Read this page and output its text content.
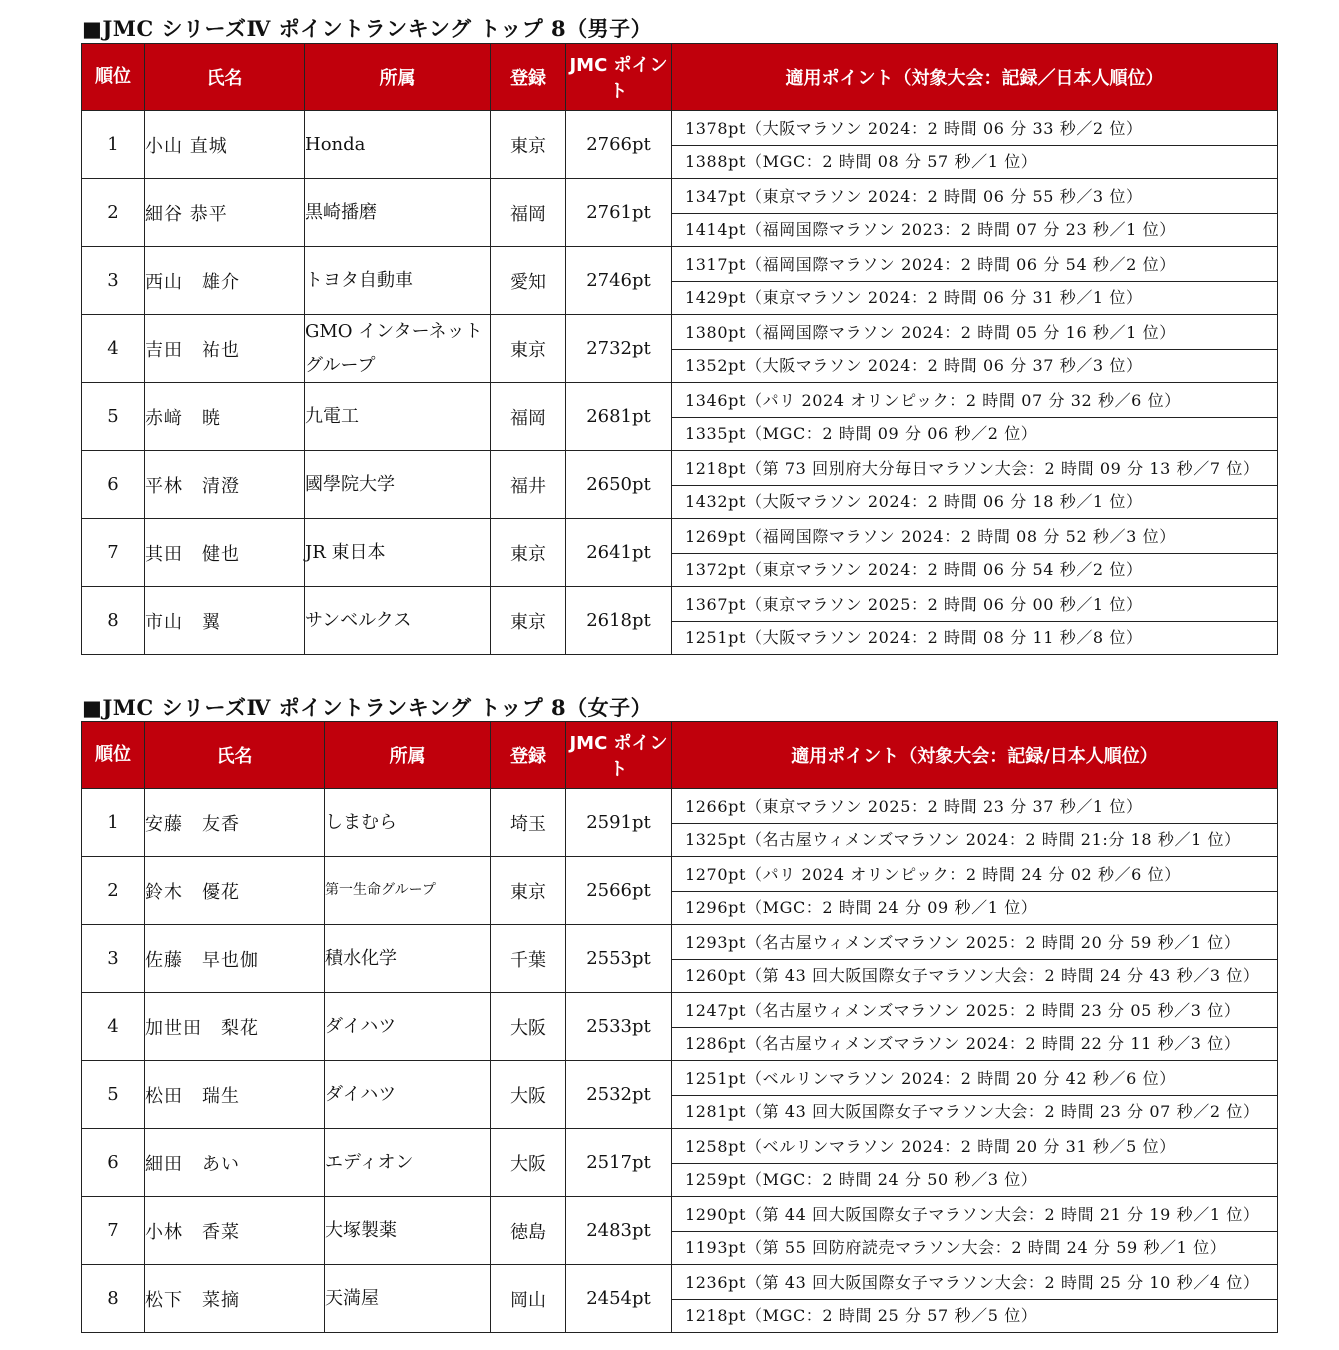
■JMC シリーズⅣ ポイントランキング トップ 8（男子）
順位	氏名	所属	登録	JMC ポイント	適用ポイント（対象大会：記録／日本人順位）
1	小山 直城	Honda	東京	2766pt	1378pt（大阪マラソン 2024：2 時間 06 分 33 秒／2 位）
1388pt（MGC：2 時間 08 分 57 秒／1 位）

2	細谷 恭平	黒崎播磨	福岡	2761pt	1347pt（東京マラソン 2024：2 時間 06 分 55 秒／3 位）
1414pt（福岡国際マラソン 2023：2 時間 07 分 23 秒／1 位）

3	西山　雄介	トヨタ自動車	愛知	2746pt	1317pt（福岡国際マラソン 2024：2 時間 06 分 54 秒／2 位）
1429pt（東京マラソン 2024：2 時間 06 分 31 秒／1 位）

4	吉田　祐也	GMO インターネットグループ	東京	2732pt	1380pt（福岡国際マラソン 2024：2 時間 05 分 16 秒／1 位）
1352pt（大阪マラソン 2024：2 時間 06 分 37 秒／3 位）

5	赤﨑　暁	九電工	福岡	2681pt	1346pt（パリ 2024 オリンピック：2 時間 07 分 32 秒／6 位）
1335pt（MGC：2 時間 09 分 06 秒／2 位）

6	平林　清澄	國學院大学	福井	2650pt	1218pt（第 73 回別府大分毎日マラソン大会：2 時間 09 分 13 秒／7 位）
1432pt（大阪マラソン 2024：2 時間 06 分 18 秒／1 位）

7	其田　健也	JR 東日本	東京	2641pt	1269pt（福岡国際マラソン 2024：2 時間 08 分 52 秒／3 位）
1372pt（東京マラソン 2024：2 時間 06 分 54 秒／2 位）

8	市山　翼	サンベルクス	東京	2618pt	1367pt（東京マラソン 2025：2 時間 06 分 00 秒／1 位）
1251pt（大阪マラソン 2024：2 時間 08 分 11 秒／8 位）
■JMC シリーズⅣ ポイントランキング トップ 8（女子）
順位	氏名	所属	登録	JMC ポイント	適用ポイント（対象大会：記録/日本人順位）
1	安藤　友香	しまむら	埼玉	2591pt	1266pt（東京マラソン 2025：2 時間 23 分 37 秒／1 位）
1325pt（名古屋ウィメンズマラソン 2024：2 時間 21:分 18 秒／1 位）

2	鈴木　優花	第一生命グループ	東京	2566pt	1270pt（パリ 2024 オリンピック：2 時間 24 分 02 秒／6 位）
1296pt（MGC：2 時間 24 分 09 秒／1 位）

3	佐藤　早也伽	積水化学	千葉	2553pt	1293pt（名古屋ウィメンズマラソン 2025：2 時間 20 分 59 秒／1 位）
1260pt（第 43 回大阪国際女子マラソン大会：2 時間 24 分 43 秒／3 位）

4	加世田　梨花	ダイハツ	大阪	2533pt	1247pt（名古屋ウィメンズマラソン 2025：2 時間 23 分 05 秒／3 位）
1286pt（名古屋ウィメンズマラソン 2024：2 時間 22 分 11 秒／3 位）

5	松田　瑞生	ダイハツ	大阪	2532pt	1251pt（ベルリンマラソン 2024：2 時間 20 分 42 秒／6 位）
1281pt（第 43 回大阪国際女子マラソン大会：2 時間 23 分 07 秒／2 位）

6	細田　あい	エディオン	大阪	2517pt	1258pt（ベルリンマラソン 2024：2 時間 20 分 31 秒／5 位）
1259pt（MGC：2 時間 24 分 50 秒／3 位）

7	小林　香菜	大塚製薬	徳島	2483pt	1290pt（第 44 回大阪国際女子マラソン大会：2 時間 21 分 19 秒／1 位）
1193pt（第 55 回防府読売マラソン大会：2 時間 24 分 59 秒／1 位）

8	松下　菜摘	天満屋	岡山	2454pt	1236pt（第 43 回大阪国際女子マラソン大会：2 時間 25 分 10 秒／4 位）
1218pt（MGC：2 時間 25 分 57 秒／5 位）
